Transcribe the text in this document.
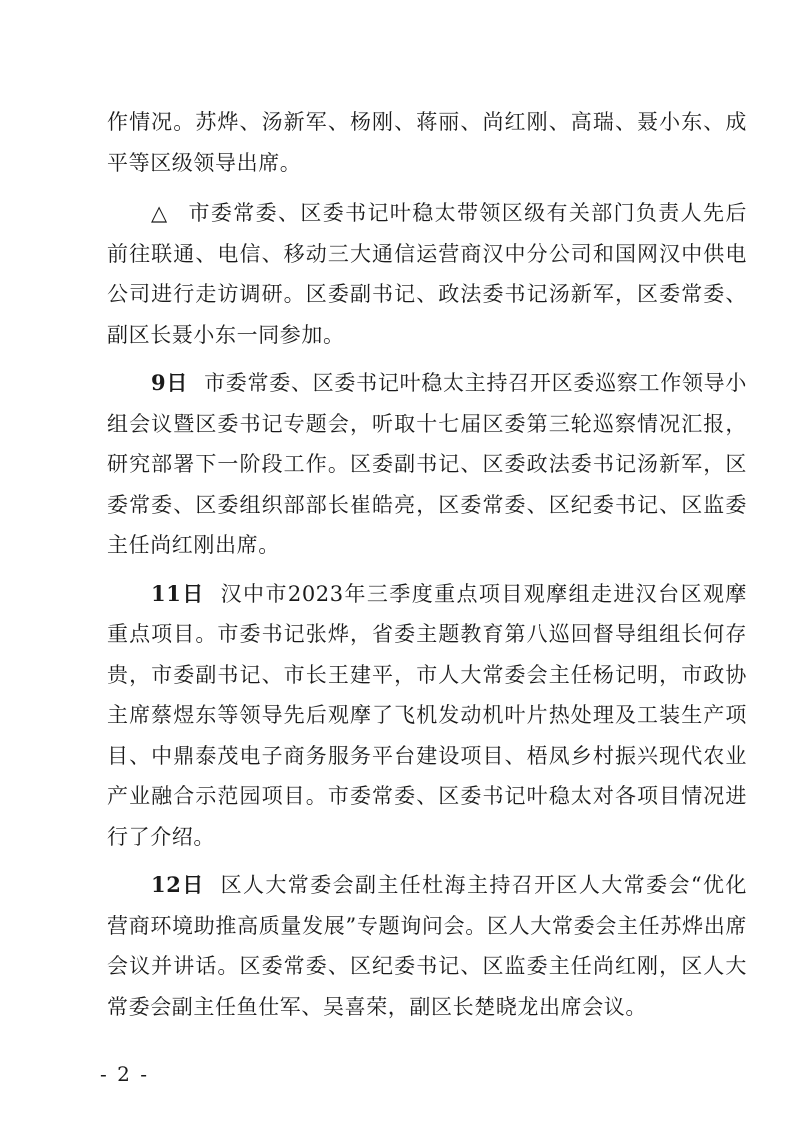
作情况。苏烨、汤新军、杨刚、蒋丽、尚红刚、高瑞、聂小东、成平等区级领导出席。

△ 市委常委、区委书记叶稳太带领区级有关部门负责人先后前往联通、电信、移动三大通信运营商汉中分公司和国网汉中供电公司进行走访调研。区委副书记、政法委书记汤新军，区委常委、副区长聂小东一同参加。

9日 市委常委、区委书记叶稳太主持召开区委巡察工作领导小组会议暨区委书记专题会，听取十七届区委第三轮巡察情况汇报，研究部署下一阶段工作。区委副书记、区委政法委书记汤新军，区委常委、区委组织部部长崔皓亮，区委常委、区纪委书记、区监委主任尚红刚出席。

11日 汉中市2023年三季度重点项目观摩组走进汉台区观摩重点项目。市委书记张烨，省委主题教育第八巡回督导组组长何存贵，市委副书记、市长王建平，市人大常委会主任杨记明，市政协主席蔡煜东等领导先后观摩了飞机发动机叶片热处理及工装生产项目、中鼎泰茂电子商务服务平台建设项目、梧凤乡村振兴现代农业产业融合示范园项目。市委常委、区委书记叶稳太对各项目情况进行了介绍。

12日 区人大常委会副主任杜海主持召开区人大常委会“优化营商环境助推高质量发展”专题询问会。区人大常委会主任苏烨出席会议并讲话。区委常委、区纪委书记、区监委主任尚红刚，区人大常委会副主任鱼仕军、吴喜荣，副区长楚晓龙出席会议。

- 2 -
